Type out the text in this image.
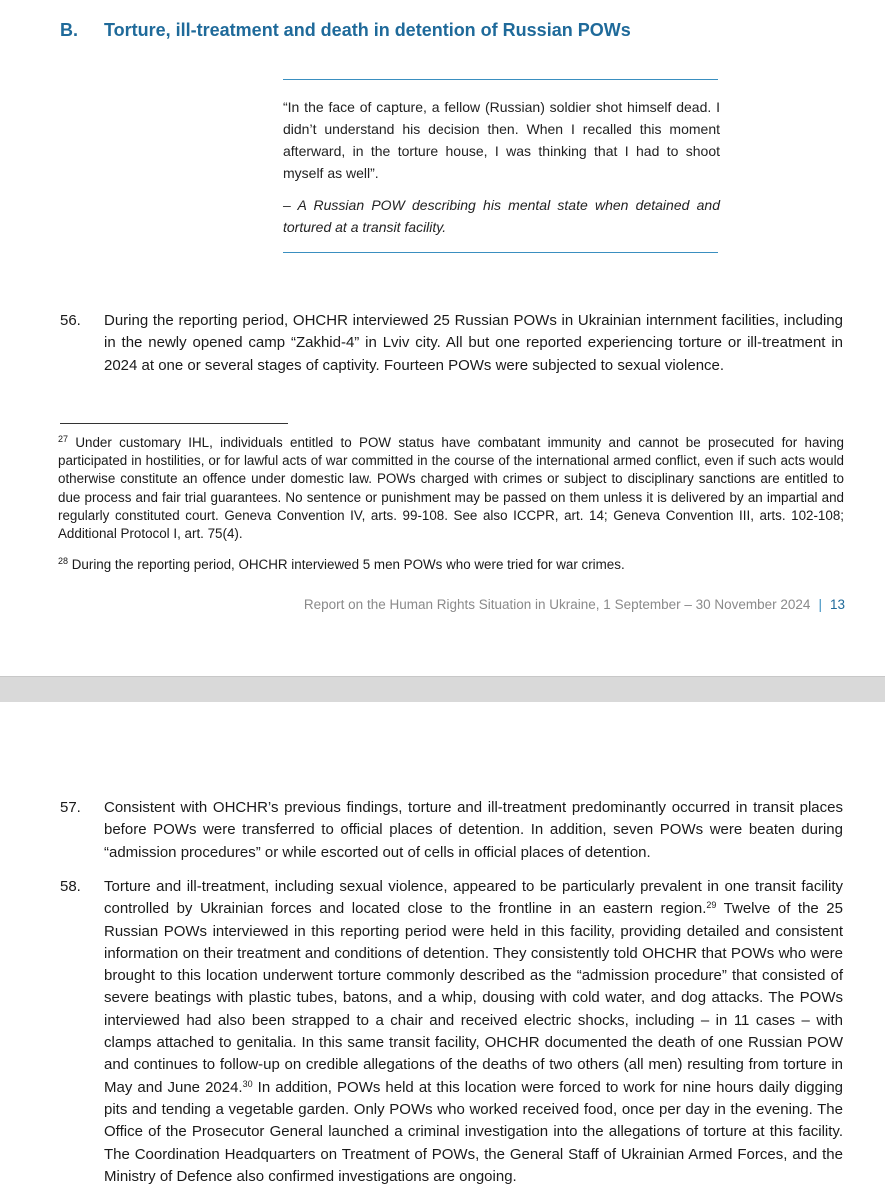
B. Torture, ill-treatment and death in detention of Russian POWs
“In the face of capture, a fellow (Russian) soldier shot himself dead. I didn’t understand his decision then. When I recalled this moment afterward, in the torture house, I was thinking that I had to shoot myself as well”.
– A Russian POW describing his mental state when detained and tortured at a transit facility.
56.	During the reporting period, OHCHR interviewed 25 Russian POWs in Ukrainian internment facilities, including in the newly opened camp “Zakhid-4” in Lviv city. All but one reported experiencing torture or ill-treatment in 2024 at one or several stages of captivity. Fourteen POWs were subjected to sexual violence.
$^{27}$ Under customary IHL, individuals entitled to POW status have combatant immunity and cannot be prosecuted for having participated in hostilities, or for lawful acts of war committed in the course of the international armed conflict, even if such acts would otherwise constitute an offence under domestic law. POWs charged with crimes or subject to disciplinary sanctions are entitled to due process and fair trial guarantees. No sentence or punishment may be passed on them unless it is delivered by an impartial and regularly constituted court. Geneva Convention IV, arts. 99-108. See also ICCPR, art. 14; Geneva Convention III, arts. 102-108; Additional Protocol I, art. 75(4).
$^{28}$ During the reporting period, OHCHR interviewed 5 men POWs who were tried for war crimes.
Report on the Human Rights Situation in Ukraine, 1 September – 30 November 2024 | 13
57.	Consistent with OHCHR’s previous findings, torture and ill-treatment predominantly occurred in transit places before POWs were transferred to official places of detention. In addition, seven POWs were beaten during “admission procedures” or while escorted out of cells in official places of detention.
58.	Torture and ill-treatment, including sexual violence, appeared to be particularly prevalent in one transit facility controlled by Ukrainian forces and located close to the frontline in an eastern region.$^{29}$ Twelve of the 25 Russian POWs interviewed in this reporting period were held in this facility, providing detailed and consistent information on their treatment and conditions of detention. They consistently told OHCHR that POWs who were brought to this location underwent torture commonly described as the “admission procedure” that consisted of severe beatings with plastic tubes, batons, and a whip, dousing with cold water, and dog attacks. The POWs interviewed had also been strapped to a chair and received electric shocks, including – in 11 cases – with clamps attached to genitalia. In this same transit facility, OHCHR documented the death of one Russian POW and continues to follow-up on credible allegations of the deaths of two others (all men) resulting from torture in May and June 2024.30 In addition, POWs held at this location were forced to work for nine hours daily digging pits and tending a vegetable garden. Only POWs who worked received food, once per day in the evening. The Office of the Prosecutor General launched a criminal investigation into the allegations of torture at this facility. The Coordination Headquarters on Treatment of POWs, the General Staff of Ukrainian Armed Forces, and the Ministry of Defence also confirmed investigations are ongoing.
